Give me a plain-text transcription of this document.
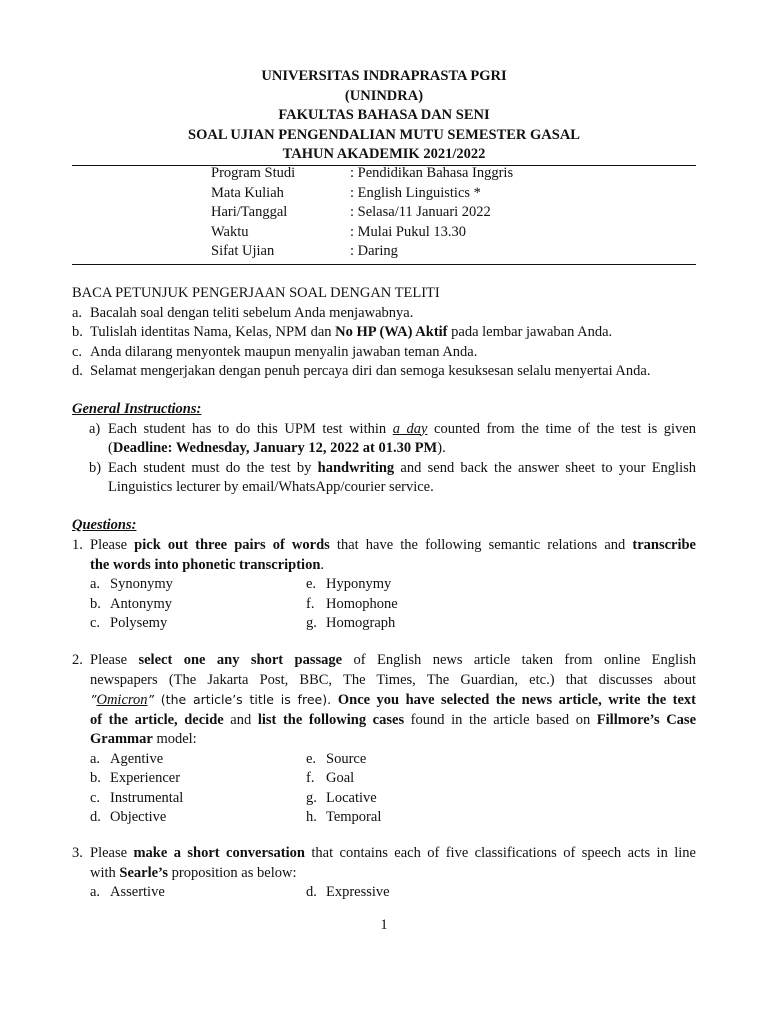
UNIVERSITAS INDRAPRASTA PGRI
(UNINDRA)
FAKULTAS BAHASA DAN SENI
SOAL UJIAN PENGENDALIAN MUTU SEMESTER GASAL
TAHUN AKADEMIK 2021/2022
Program Studi	: Pendidikan Bahasa Inggris
Mata Kuliah	: English Linguistics *
Hari/Tanggal	: Selasa/11 Januari 2022
Waktu	: Mulai Pukul 13.30
Sifat Ujian	: Daring
BACA PETUNJUK PENGERJAAN SOAL DENGAN TELITI
a. Bacalah soal dengan teliti sebelum Anda menjawabnya.
b. Tulislah identitas Nama, Kelas, NPM dan No HP (WA) Aktif pada lembar jawaban Anda.
c. Anda dilarang menyontek maupun menyalin jawaban teman Anda.
d. Selamat mengerjakan dengan penuh percaya diri dan semoga kesuksesan selalu menyertai Anda.
General Instructions:
a) Each student has to do this UPM test within a day counted from the time of the test is given
(Deadline: Wednesday, January 12, 2022 at 01.30 PM).
b) Each student must do the test by handwriting and send back the answer sheet to your English
Linguistics lecturer by email/WhatsApp/courier service.
Questions:
1. Please pick out three pairs of words that have the following semantic relations and transcribe
the words into phonetic transcription.
a. Synonymy	e. Hyponymy
b. Antonymy	f. Homophone
c. Polysemy	g. Homograph
2. Please select one any short passage of English news article taken from online English
newspapers (The Jakarta Post, BBC, The Times, The Guardian, etc.) that discusses about
”Omicron” (the article’s title is free). Once you have selected the news article, write the text
of the article, decide and list the following cases found in the article based on Fillmore’s Case
Grammar model:
a. Agentive	e. Source
b. Experiencer	f. Goal
c. Instrumental	g. Locative
d. Objective	h. Temporal
3. Please make a short conversation that contains each of five classifications of speech acts in line
with Searle’s proposition as below:
a. Assertive	d. Expressive
1
